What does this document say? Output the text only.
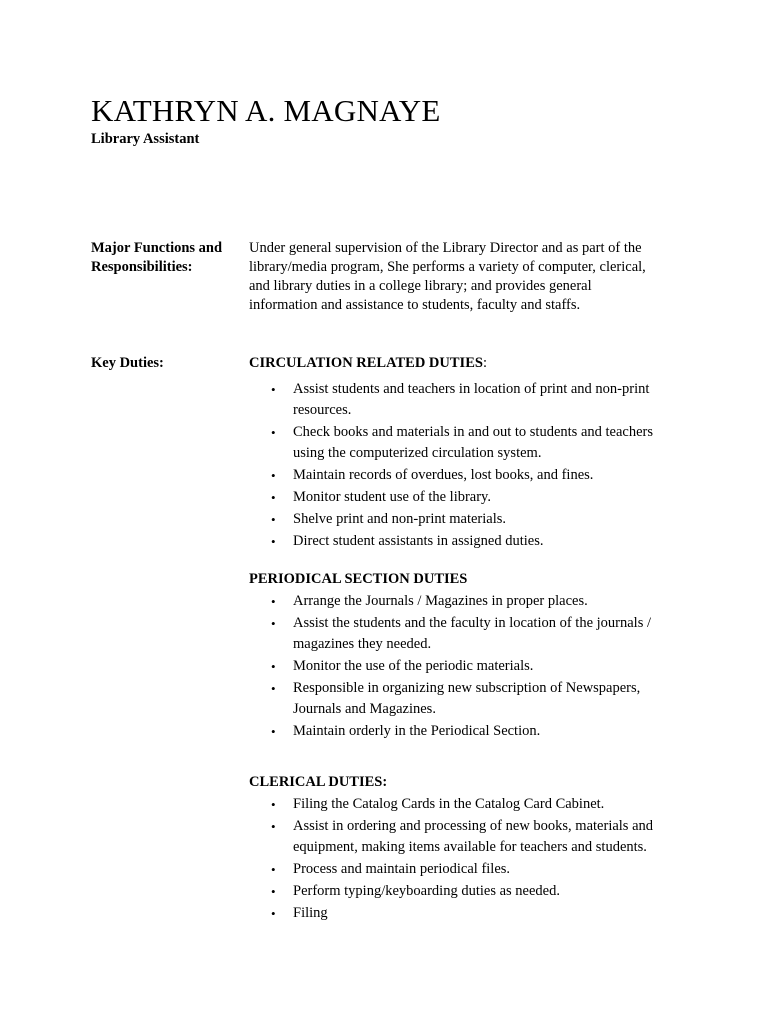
KATHRYN A. MAGNAYE
Library Assistant
Major Functions and
Responsibilities:
Under general supervision of the Library Director and as part of the
library/media program, She performs a variety of computer, clerical,
and library duties in a college library; and provides general
information and assistance to students, faculty and staffs.
Key Duties:	CIRCULATION RELATED DUTIES:
• Assist students and teachers in location of print and non-print
resources.
• Check books and materials in and out to students and teachers
using the computerized circulation system.
• Maintain records of overdues, lost books, and fines.
• Monitor student use of the library.
• Shelve print and non-print materials.
• Direct student assistants in assigned duties.
PERIODICAL SECTION DUTIES
• Arrange the Journals / Magazines in proper places.
• Assist the students and the faculty in location of the journals /
magazines they needed.
• Monitor the use of the periodic materials.
• Responsible in organizing new subscription of Newspapers,
Journals and Magazines.
• Maintain orderly in the Periodical Section.
CLERICAL DUTIES:
• Filing the Catalog Cards in the Catalog Card Cabinet.
• Assist in ordering and processing of new books, materials and
equipment, making items available for teachers and students.
• Process and maintain periodical files.
• Perform typing/keyboarding duties as needed.
• Filing
